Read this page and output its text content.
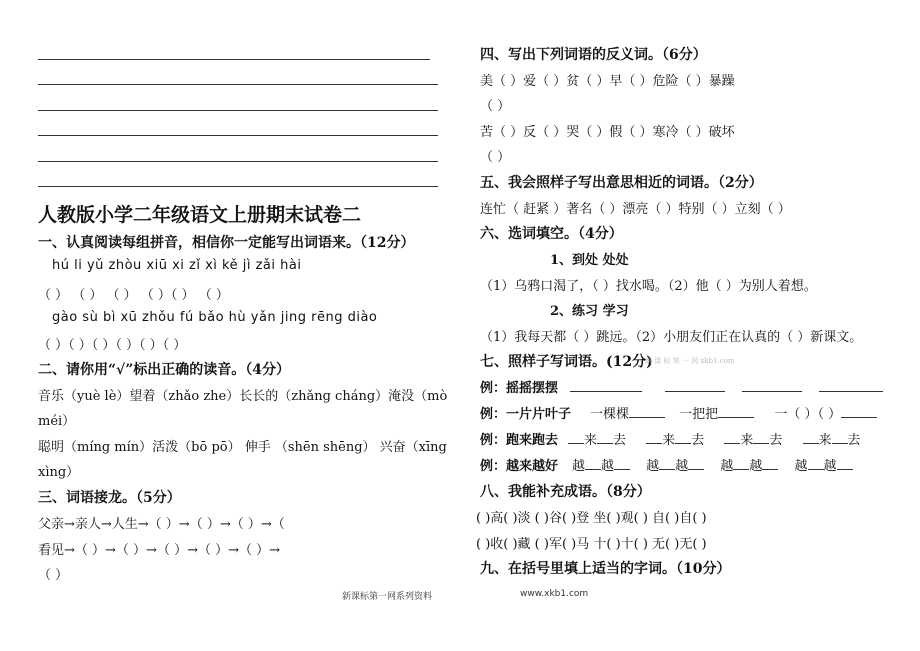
人教版小学二年级语文上册期末试卷二
一、认真阅读每组拼音，相信你一定能写出词语来。（12分）
hú li yǔ zhòu xiū xi zǐ xì kě jì zǎi hài
（ ） （ ） （ ） （ ）（ ） （ ）
gào sù bì xū zhǒu fú bǎo hù yǎn jing rēng diào
（ ）（ ）（ ）（ ）（ ）（ ）
二、请你用“√”标出正确的读音。（4分）
音乐（yuè lè）望着（zhǎo zhe）长长的（zhǎng cháng）淹没（mò
méi）
聪明（míng mín）活泼（bō pō） 伸手 （shēn shēng） 兴奋（xīng
xìng）
三、词语接龙。（5分）
父亲→亲人→人生→（ ）→（ ）→（ ）→（
看见→（ ）→（ ）→（ ）→（ ）→（ ）→
（ ）
四、写出下列词语的反义词。（6分）
美（ ）爱（ ）贫（ ）早（ ）危险（ ）暴躁
（ ）
苦（ ）反（ ）哭（ ）假（ ）寒冷（ ）破坏
（ ）
五、我会照样子写出意思相近的词语。（2分）
连忙（ 赶紧 ）著名（ ）漂亮（ ）特别（ ）立刻（ ）
六、选词填空。（4分）
1、到处 处处
（1）乌鸦口渴了，（ ）找水喝。（2）他（ ）为别人着想。
2、练习 学习
（1）我每天都（ ）跳远。（2）小朋友们正在认真的（ ）新课文。
七、照样子写词语。(12分)
新 课 标 第 一 网 xkb1.com
例：摇摇摆摆

例：一片片叶子 一棵棵	一把把	一（ ）（ ）
例：跑来跑去	来 去	来 去	来 去	来 去
例：越来越好 越 越 越 越 越 越 越 越
八、我能补充成语。（8分）
( )高( )淡 ( )谷( )登 坐( )观( ) 自( )自( )
( )收( )藏 ( )军( )马 十( )十( ) 无( )无( )
九、在括号里填上适当的字词。（10分）
新课标第一网系列资料	www.xkb1.com
